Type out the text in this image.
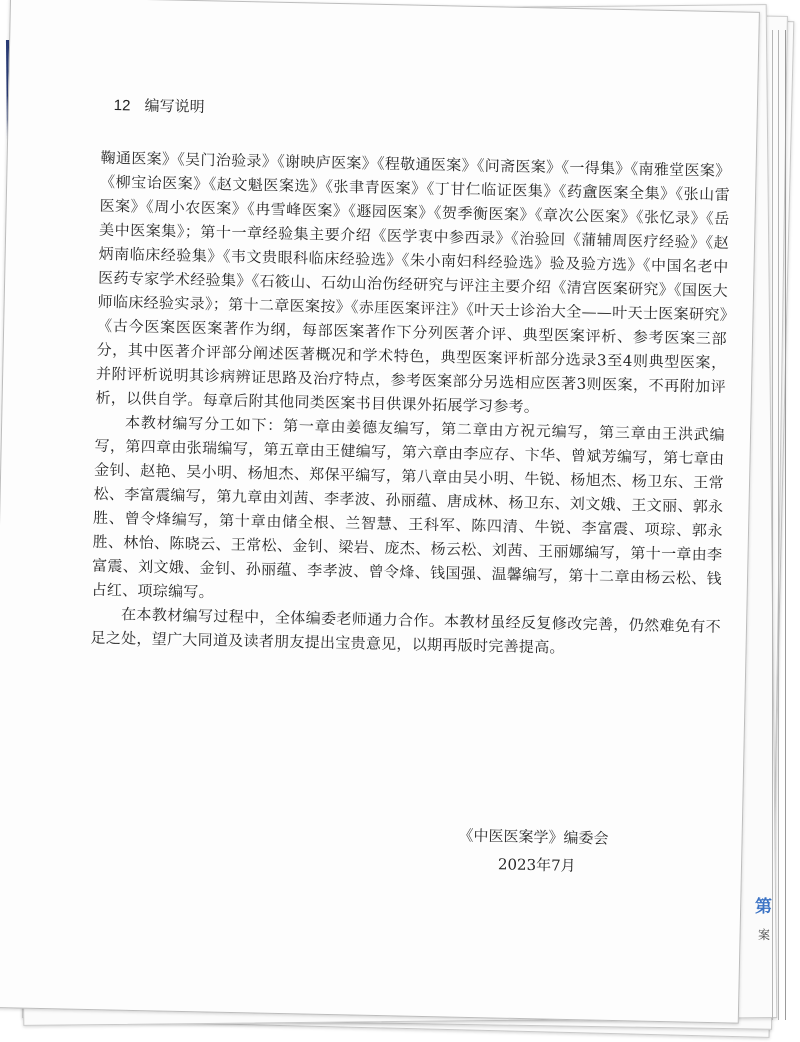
第
案
12 编写说明

鞠通医案》《吴门治验录》《谢映庐医案》《程敬通医案》《问斋医案》《一得集》《南雅堂医案》《柳宝诒医案》《赵文魁医案选》《张聿青医案》《丁甘仁临证医集》《药盦医案全集》《张山雷医案》《周小农医案》《冉雪峰医案》《遯园医案》《贺季衡医案》《章次公医案》《张忆录》《岳美中医案集》；第十一章经验集主要介绍《医学衷中参西录》《治验回《蒲辅周医疗经验》《赵炳南临床经验集》《韦文贵眼科临床经验选》《朱小南妇科经验选》验及验方选》《中国名老中医药专家学术经验集》《石筱山、石幼山治伤经研究与评注主要介绍《清宫医案研究》《国医大师临床经验实录》；第十二章医案按》《赤厓医案评注》《叶天士诊治大全——叶天士医案研究》《古今医案医医案著作为纲，每部医案著作下分列医著介评、典型医案评析、参考医案三部分，其中医著介评部分阐述医著概况和学术特色，典型医案评析部分选录3至4则典型医案，并附评析说明其诊病辨证思路及治疗特点，参考医案部分另选相应医著3则医案，不再附加评析，以供自学。每章后附其他同类医案书目供课外拓展学习参考。

本教材编写分工如下：第一章由姜德友编写，第二章由方祝元编写，第三章由王洪武编写，第四章由张瑞编写，第五章由王健编写，第六章由李应存、卞华、曾斌芳编写，第七章由金钊、赵艳、吴小明、杨旭杰、郑保平编写，第八章由吴小明、牛锐、杨旭杰、杨卫东、王常松、李富震编写，第九章由刘茜、李孝波、孙丽蕴、唐成林、杨卫东、刘文娥、王文丽、郭永胜、曾令烽编写，第十章由储全根、兰智慧、王科军、陈四清、牛锐、李富震、项琮、郭永胜、林怡、陈晓云、王常松、金钊、梁岩、庞杰、杨云松、刘茜、王丽娜编写，第十一章由李富震、刘文娥、金钊、孙丽蕴、李孝波、曾令烽、钱国强、温馨编写，第十二章由杨云松、钱占红、项琮编写。

在本教材编写过程中，全体编委老师通力合作。本教材虽经反复修改完善，仍然难免有不足之处，望广大同道及读者朋友提出宝贵意见，以期再版时完善提高。

《中医医案学》编委会
2023年7月
